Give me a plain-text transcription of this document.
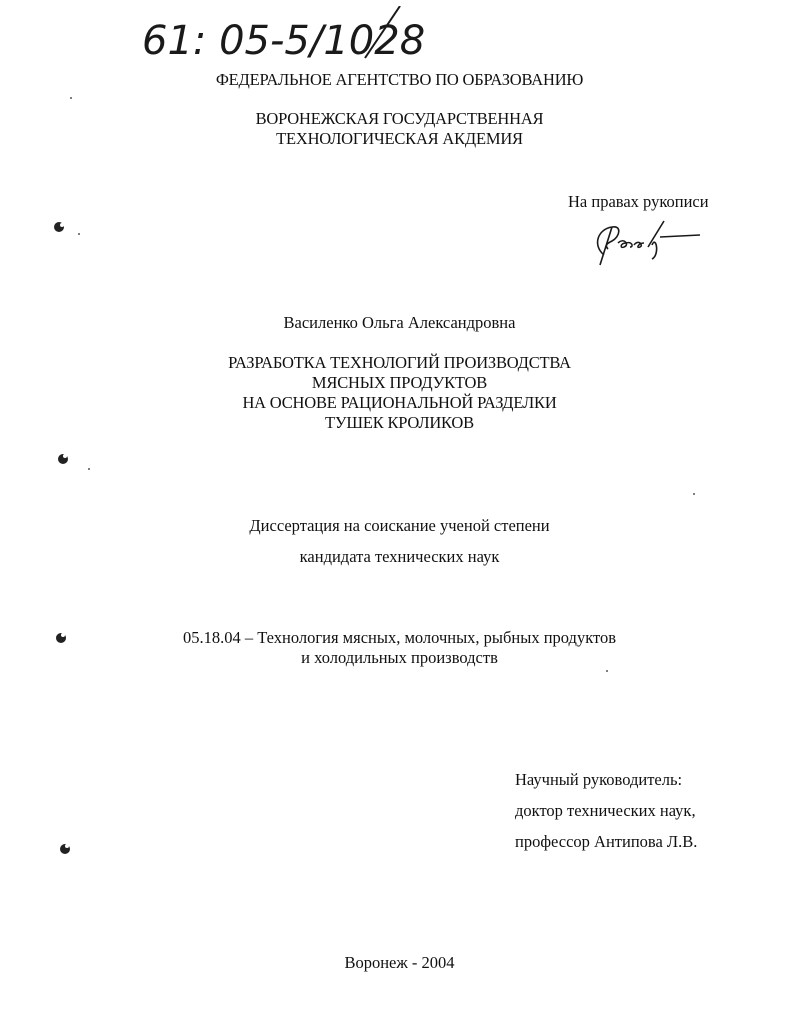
61: 05-5/1028
ФЕДЕРАЛЬНОЕ АГЕНТСТВО ПО ОБРАЗОВАНИЮ
ВОРОНЕЖСКАЯ ГОСУДАРСТВЕННАЯ
ТЕХНОЛОГИЧЕСКАЯ АКДЕМИЯ
На правах рукописи
Василенко Ольга Александровна
РАЗРАБОТКА ТЕХНОЛОГИЙ ПРОИЗВОДСТВА
МЯСНЫХ ПРОДУКТОВ
НА ОСНОВЕ РАЦИОНАЛЬНОЙ РАЗДЕЛКИ
ТУШЕК КРОЛИКОВ
Диссертация на соискание ученой степени
кандидата технических наук
05.18.04 – Технология мясных, молочных, рыбных продуктов
и холодильных производств
Научный руководитель:
доктор технических наук,
профессор Антипова Л.В.
Воронеж - 2004
